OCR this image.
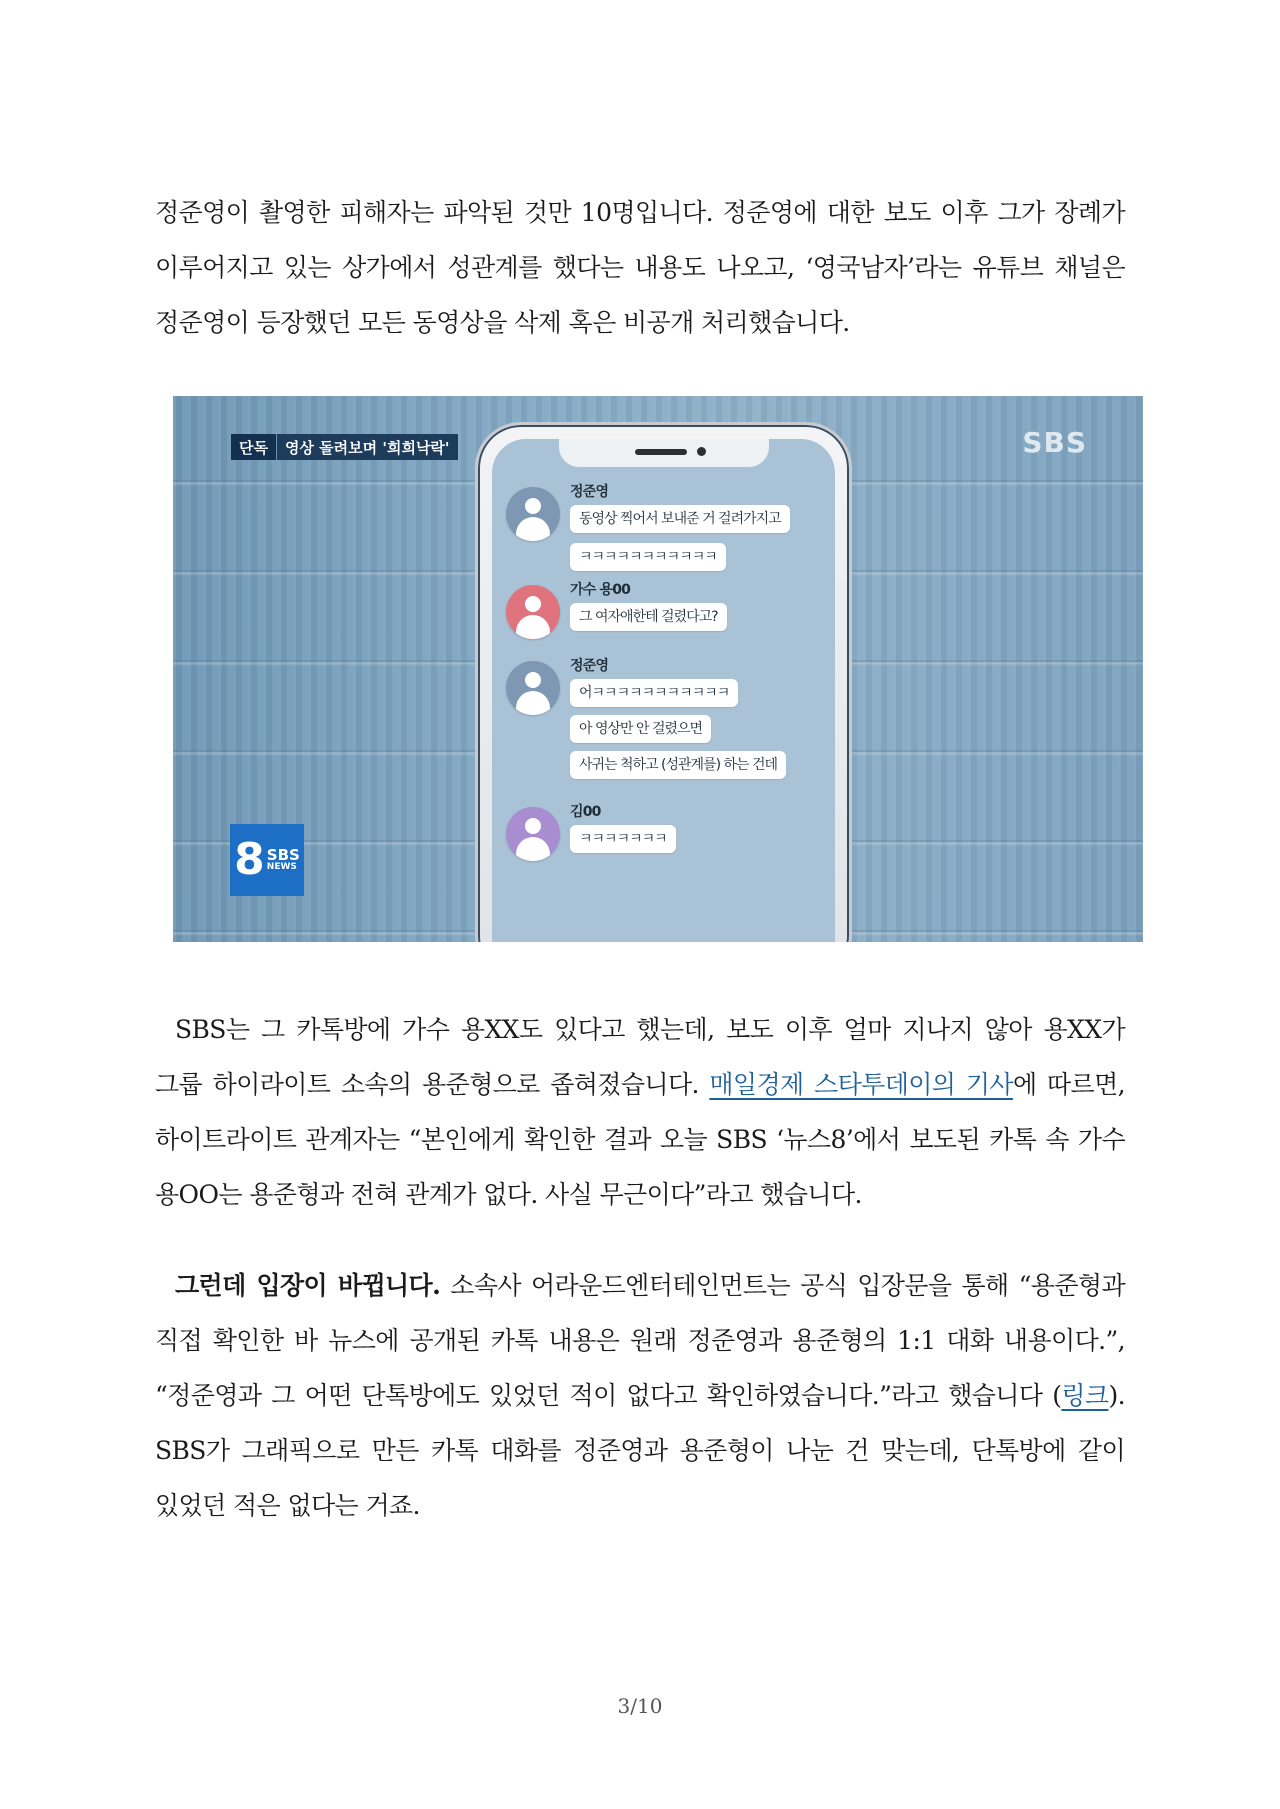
정준영이 촬영한 피해자는 파악된 것만 10명입니다. 정준영에 대한 보도 이후 그가 장례가 이루어지고 있는 상가에서 성관계를 했다는 내용도 나오고, ‘영국남자’라는 유튜브 채널은 정준영이 등장했던 모든 동영상을 삭제 혹은 비공개 처리했습니다.
단독	영상 돌려보며 '희희낙락'	SBS
8 SBS
NEWS
정준영
동영상 찍어서 보내준 거 걸려가지고
ㅋㅋㅋㅋㅋㅋㅋㅋㅋㅋㅋ
가수 용00
그 여자애한테 걸렸다고?
정준영
어ㅋㅋㅋㅋㅋㅋㅋㅋㅋㅋㅋ
아 영상만 안 걸렸으면
사귀는 척하고 (성관계를) 하는 건데
김00
ㅋㅋㅋㅋㅋㅋㅋ
SBS는 그 카톡방에 가수 용XX도 있다고 했는데, 보도 이후 얼마 지나지 않아 용XX가 그룹 하이라이트 소속의 용준형으로 좁혀졌습니다. 매일경제 스타투데이의 기사에 따르면, 하이트라이트 관계자는 “본인에게 확인한 결과 오늘 SBS ‘뉴스8’에서 보도된 카톡 속 가수 용OO는 용준형과 전혀 관계가 없다. 사실 무근이다”라고 했습니다.
그런데 입장이 바뀝니다. 소속사 어라운드엔터테인먼트는 공식 입장문을 통해 “용준형과 직접 확인한 바 뉴스에 공개된 카톡 내용은 원래 정준영과 용준형의 1:1 대화 내용이다.”, “정준영과 그 어떤 단톡방에도 있었던 적이 없다고 확인하였습니다.”라고 했습니다 (링크). SBS가 그래픽으로 만든 카톡 대화를 정준영과 용준형이 나눈 건 맞는데, 단톡방에 같이 있었던 적은 없다는 거죠.
3/10
